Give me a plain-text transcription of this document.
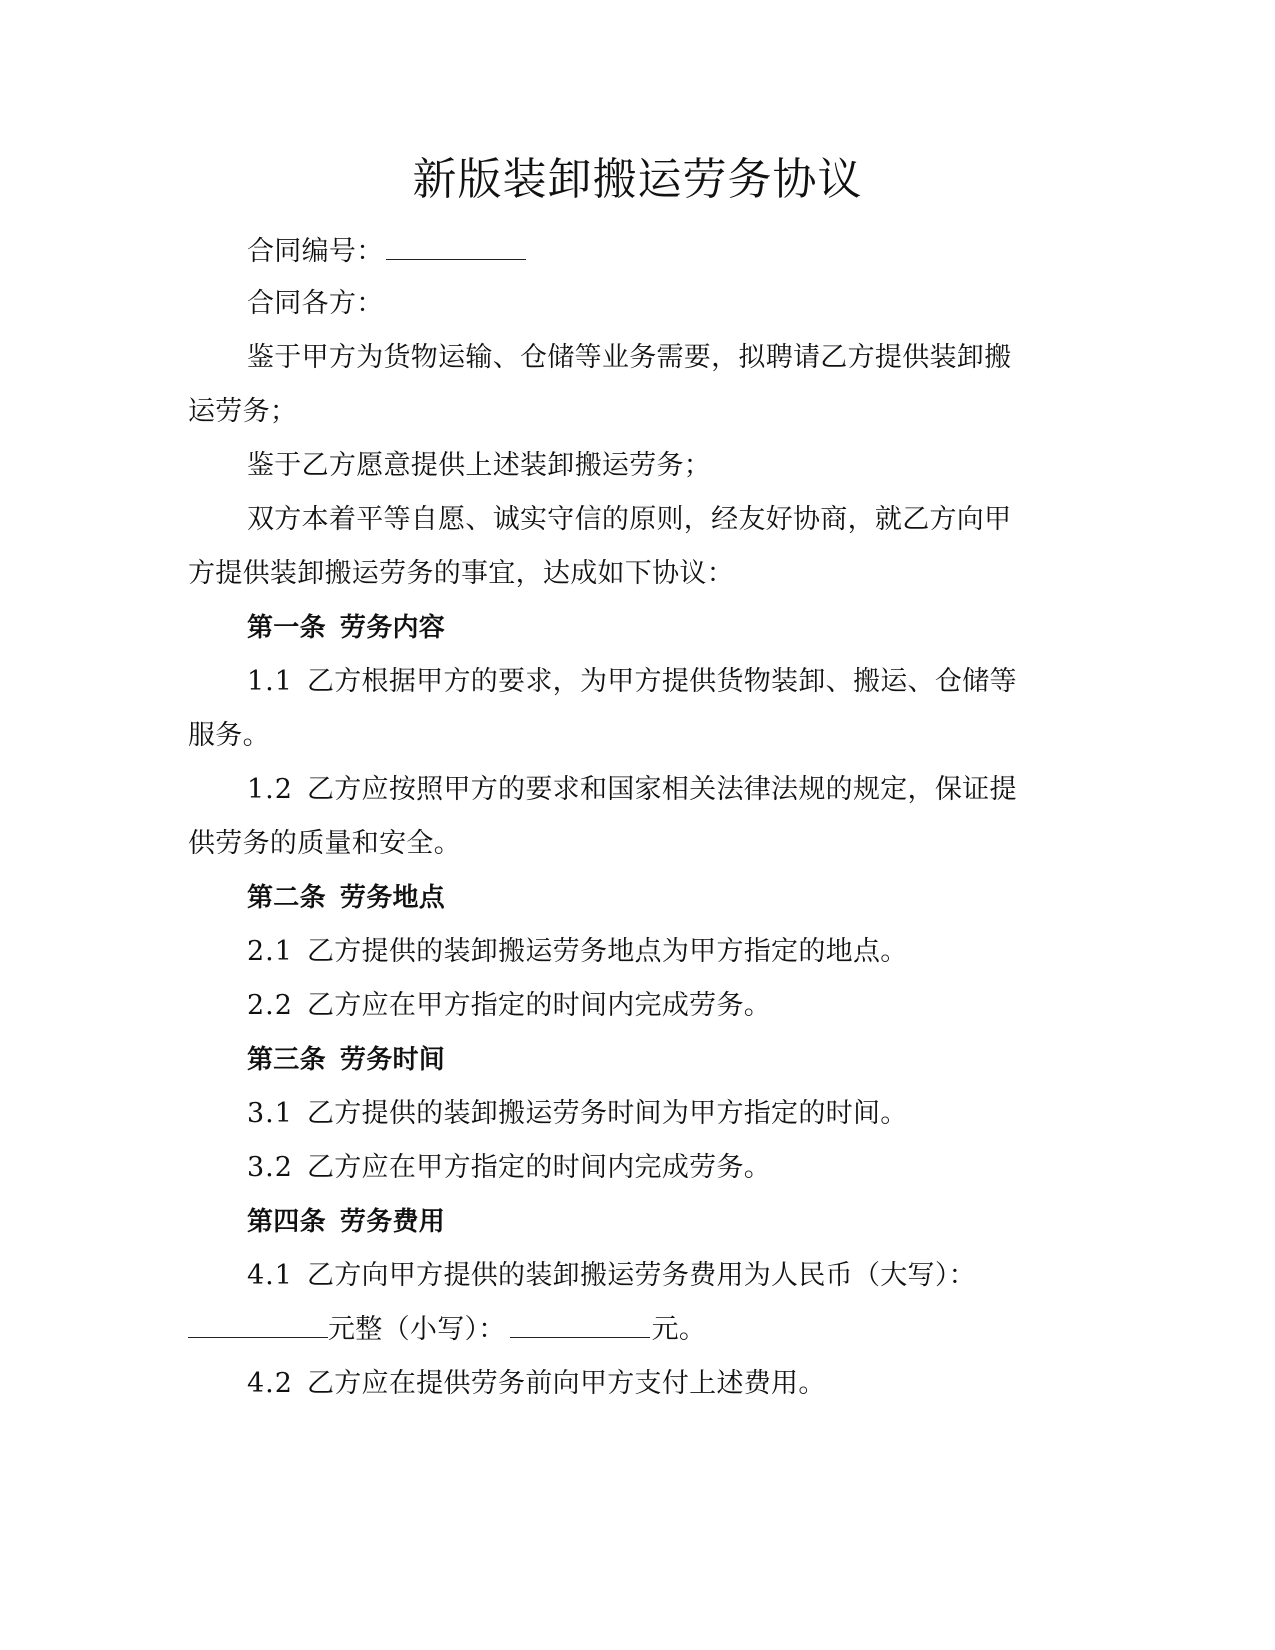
新版装卸搬运劳务协议
合同编号：
合同各方：
鉴于甲方为货物运输、仓储等业务需要，拟聘请乙方提供装卸搬
运劳务；
鉴于乙方愿意提供上述装卸搬运劳务；
双方本着平等自愿、诚实守信的原则，经友好协商，就乙方向甲
方提供装卸搬运劳务的事宜，达成如下协议：
第一条 劳务内容
1.1 乙方根据甲方的要求，为甲方提供货物装卸、搬运、仓储等
服务。
1.2 乙方应按照甲方的要求和国家相关法律法规的规定，保证提
供劳务的质量和安全。
第二条 劳务地点
2.1 乙方提供的装卸搬运劳务地点为甲方指定的地点。
2.2 乙方应在甲方指定的时间内完成劳务。
第三条 劳务时间
3.1 乙方提供的装卸搬运劳务时间为甲方指定的时间。
3.2 乙方应在甲方指定的时间内完成劳务。
第四条 劳务费用
4.1 乙方向甲方提供的装卸搬运劳务费用为人民币（大写）：
元整（小写）：	元。
4.2 乙方应在提供劳务前向甲方支付上述费用。
